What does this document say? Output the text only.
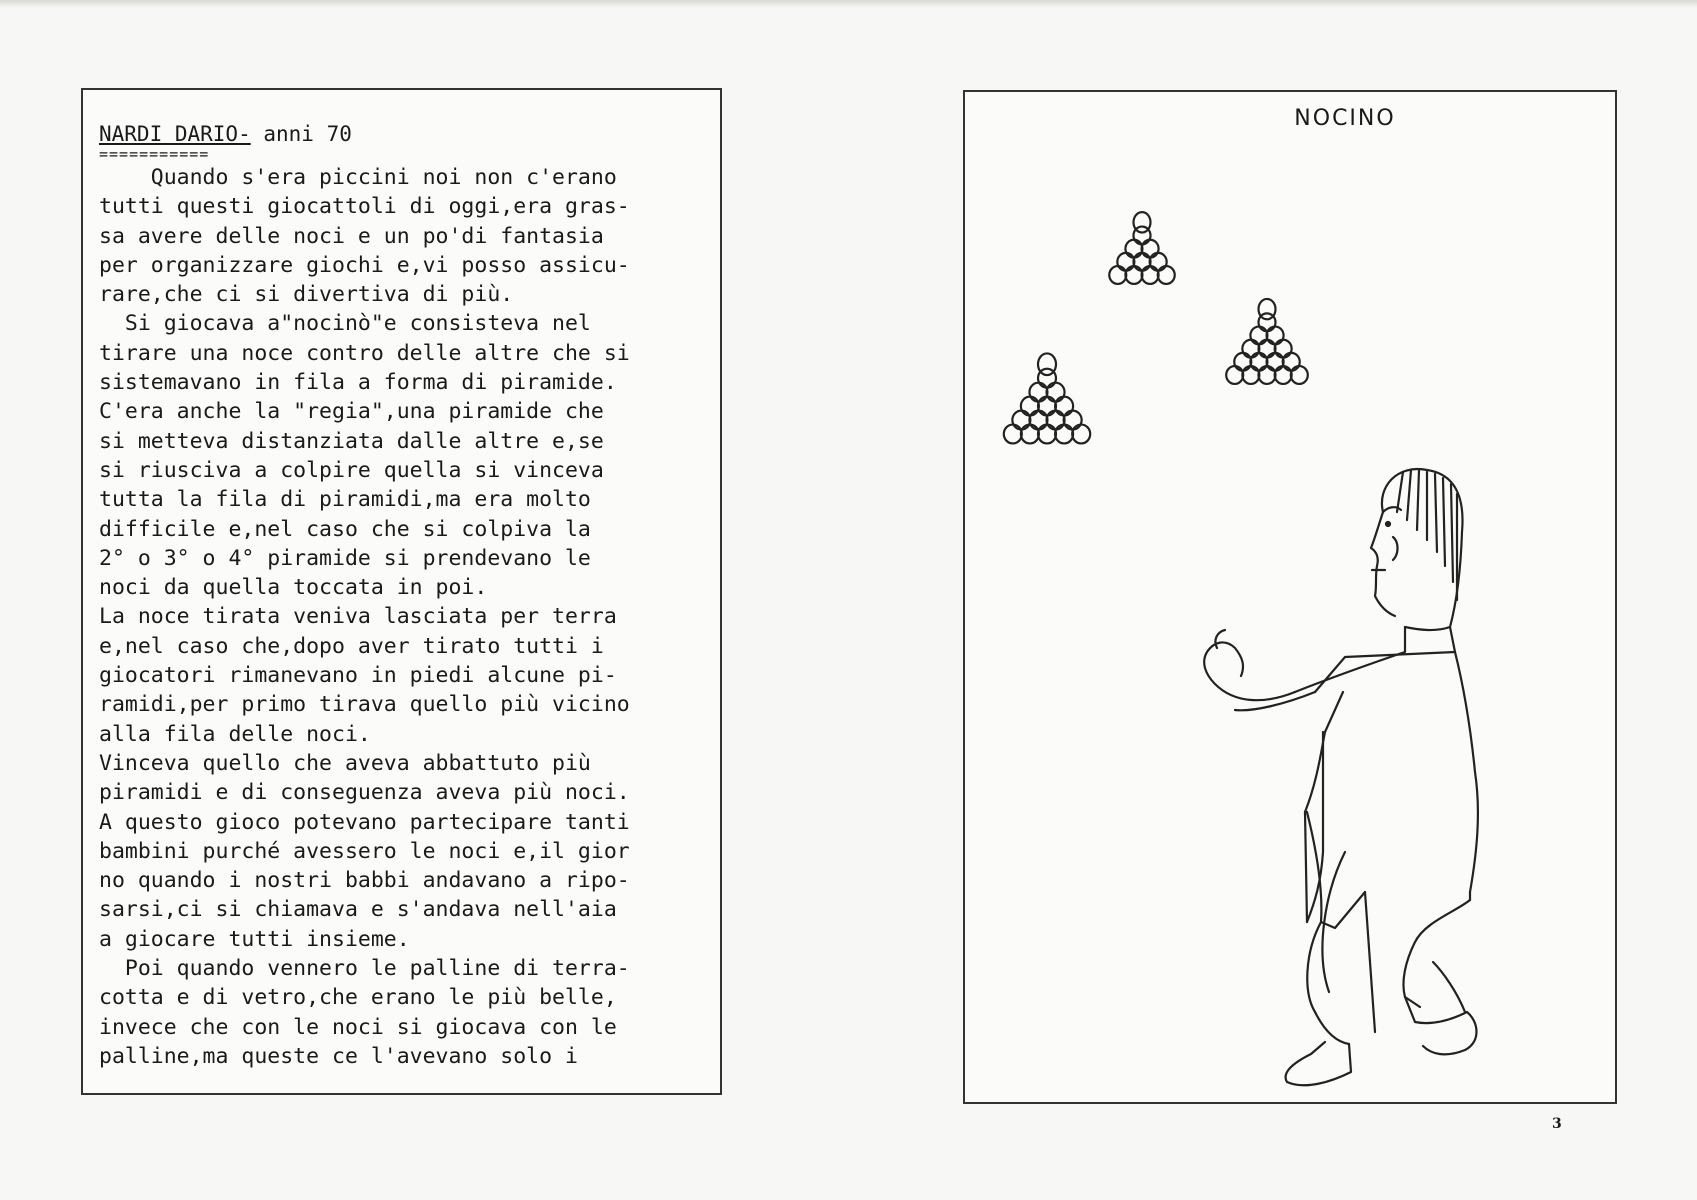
NARDI DARIO- anni 70

===========

Quando s'era piccini noi non c'erano

tutti questi giocattoli di oggi,era gras-

sa avere delle noci e un po'di fantasia

per organizzare giochi e,vi posso assicu-

rare,che ci si divertiva di più.

Si giocava a"nocinò"e consisteva nel

tirare una noce contro delle altre che si

sistemavano in fila a forma di piramide.

C'era anche la "regia",una piramide che

si metteva distanziata dalle altre e,se

si riusciva a colpire quella si vinceva

tutta la fila di piramidi,ma era molto

difficile e,nel caso che si colpiva la

2° o 3° o 4° piramide si prendevano le

noci da quella toccata in poi.

La noce tirata veniva lasciata per terra

e,nel caso che,dopo aver tirato tutti i

giocatori rimanevano in piedi alcune pi-

ramidi,per primo tirava quello più vicino

alla fila delle noci.

Vinceva quello che aveva abbattuto più

piramidi e di conseguenza aveva più noci.

A questo gioco potevano partecipare tanti

bambini purché avessero le noci e,il gior

no quando i nostri babbi andavano a ripo-

sarsi,ci si chiamava e s'andava nell'aia

a giocare tutti insieme.

Poi quando vennero le palline di terra-

cotta e di vetro,che erano le più belle,

invece che con le noci si giocava con le

palline,ma queste ce l'avevano solo i

NOCINO
3
